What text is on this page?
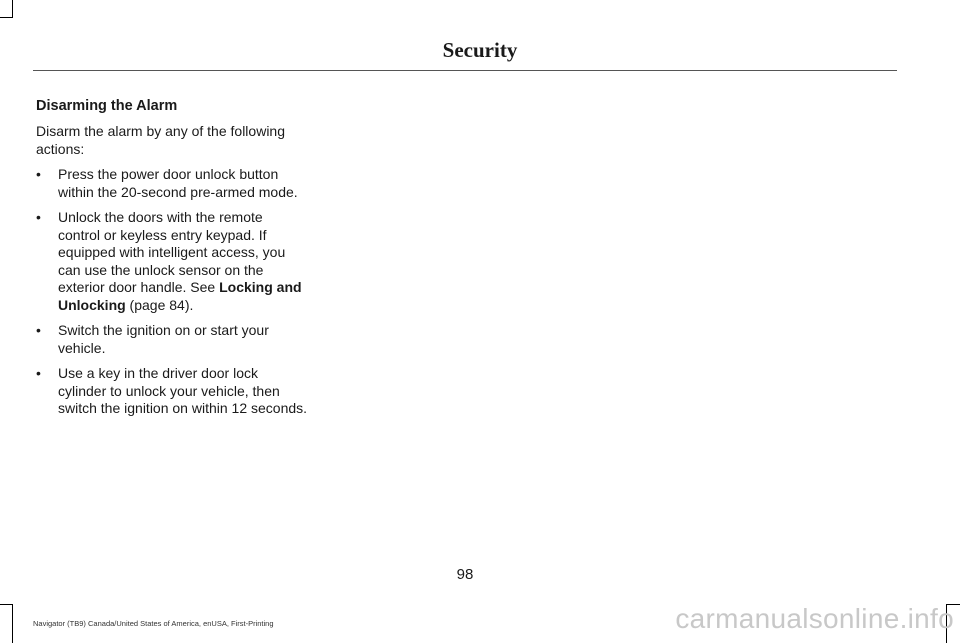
Security
Disarming the Alarm

Disarm the alarm by any of the following actions:

• Press the power door unlock button within the 20-second pre-armed mode.
• Unlock the doors with the remote control or keyless entry keypad. If equipped with intelligent access, you can use the unlock sensor on the exterior door handle. See Locking and Unlocking (page 84).
• Switch the ignition on or start your vehicle.
• Use a key in the driver door lock cylinder to unlock your vehicle, then switch the ignition on within 12 seconds.
98
Navigator (TB9) Canada/United States of America, enUSA, First-Printing	carmanualsonline.info
